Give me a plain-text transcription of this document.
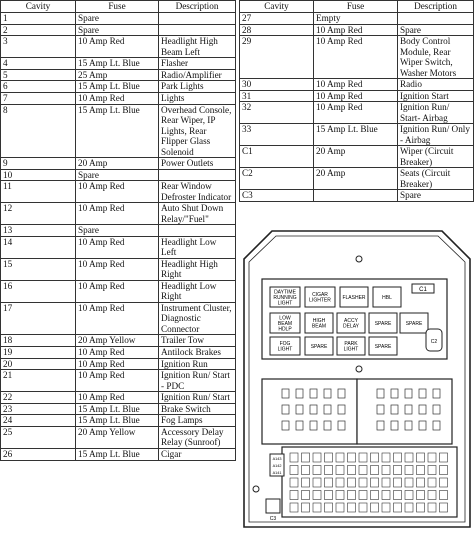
Cavity	Fuse	Description
1	Spare	
2	Spare	
3	10 Amp Red	Headlight High Beam Left
4	15 Amp Lt. Blue	Flasher
5	25 Amp	Radio/Amplifier
6	15 Amp Lt. Blue	Park Lights
7	10 Amp Red	Lights
8	15 Amp Lt. Blue	Overhead Console, Rear Wiper, IP Lights, Rear Flipper Glass Solenoid
9	20 Amp	Power Outlets
10	Spare	
11	10 Amp Red	Rear Window Defroster Indicator
12	10 Amp Red	Auto Shut Down Relay/"Fuel"
13	Spare	
14	10 Amp Red	Headlight Low Left
15	10 Amp Red	Headlight High Right
16	10 Amp Red	Headlight Low Right
17	10 Amp Red	Instrument Cluster, Diagnostic Connector
18	20 Amp Yellow	Trailer Tow
19	10 Amp Red	Antilock Brakes
20	10 Amp Red	Ignition Run
21	10 Amp Red	Ignition Run/ Start - PDC
22	10 Amp Red	Ignition Run/ Start
23	15 Amp Lt. Blue	Brake Switch
24	15 Amp Lt. Blue	Fog Lamps
25	20 Amp Yellow	Accessory Delay Relay (Sunroof)
26	15 Amp Lt. Blue	Cigar
Cavity	Fuse	Description
27	Empty	
28	10 Amp Red	Spare
29	10 Amp Red	Body Control Module, Rear Wiper Switch, Washer Motors
30	10 Amp Red	Radio
31	10 Amp Red	Ignition Start
32	10 Amp Red	Ignition Run/ Start- Airbag
33	15 Amp Lt. Blue	Ignition Run/ Only - Airbag
C1	20 Amp	Wiper (Circuit Breaker)
C2	20 Amp	Seats (Circuit Breaker)
C3		Spare
DAYTIME
RUNNING
LIGHT
CIGAR
LIGHTER FLASHER	HBL
LOW
BEAM
HDLP
HIGH
BEAM
ACCY
DELAY	SPARE	SPARE
FOG
LIGHT	SPARE	PARK
LIGHT	SPARE
C1
C2
A143
A142
A141
C3
